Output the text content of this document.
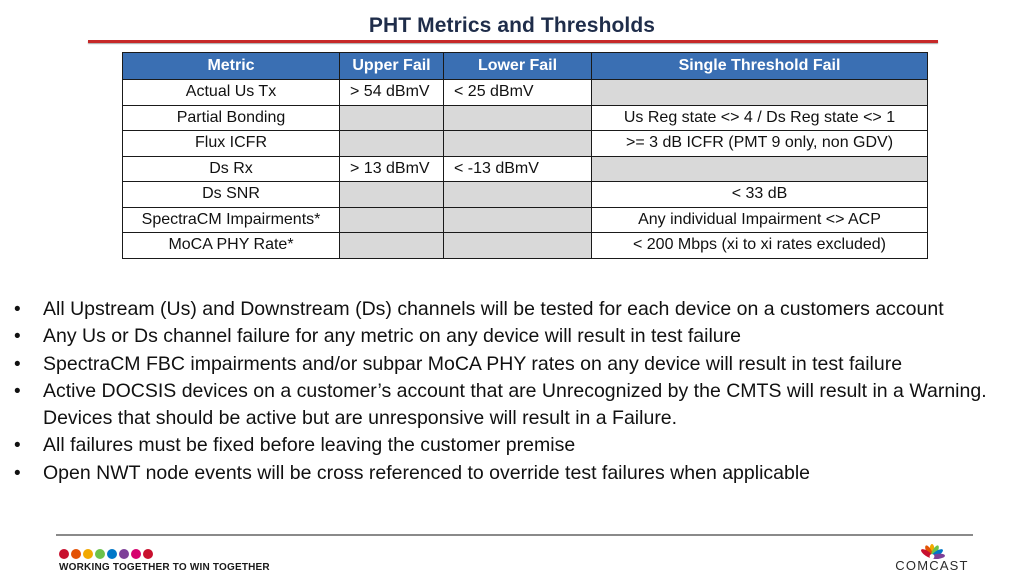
PHT Metrics and Thresholds
Metric	Upper Fail	Lower Fail	Single Threshold Fail
Actual Us Tx	> 54 dBmV	< 25 dBmV	
Partial Bonding			Us Reg state <> 4 / Ds Reg state <> 1
Flux ICFR			>= 3 dB ICFR (PMT 9 only, non GDV)
Ds Rx	> 13 dBmV	< -13 dBmV	
Ds SNR			< 33 dB
SpectraCM Impairments*			Any individual Impairment <> ACP
MoCA PHY Rate*			< 200 Mbps (xi to xi rates excluded)
•	All Upstream (Us) and Downstream (Ds) channels will be tested for each device on a customers account
•	Any Us or Ds channel failure for any metric on any device will result in test failure
•	SpectraCM FBC impairments and/or subpar MoCA PHY rates on any device will result in test failure
•	Active DOCSIS devices on a customer’s account that are Unrecognized by the CMTS will result in a Warning. Devices that should be active but are unresponsive will result in a Failure.
•	All failures must be fixed before leaving the customer premise
•	Open NWT node events will be cross referenced to override test failures when applicable
WORKING TOGETHER TO WIN TOGETHER	COMCAST
